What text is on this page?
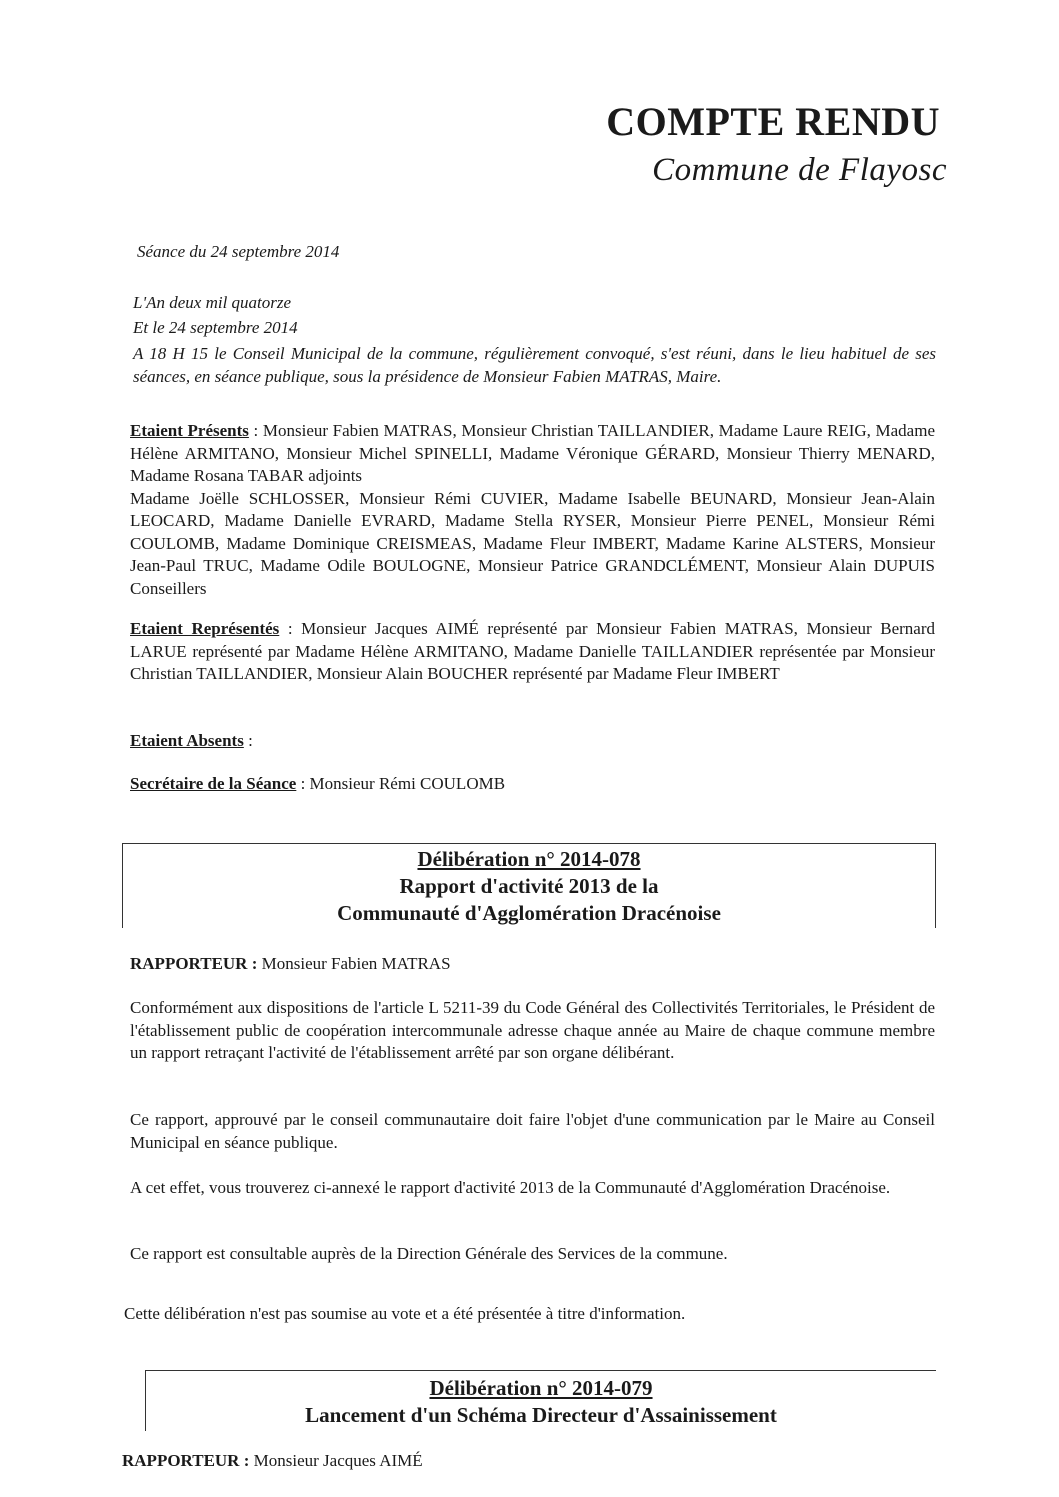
COMPTE RENDU
Commune de Flayosc
Séance du 24 septembre 2014
L'An deux mil quatorze
Et le 24 septembre 2014
A 18 H 15 le Conseil Municipal de la commune, régulièrement convoqué, s'est réuni, dans le lieu habituel de ses séances, en séance publique, sous la présidence de Monsieur Fabien MATRAS, Maire.
Etaient Présents : Monsieur Fabien MATRAS, Monsieur Christian TAILLANDIER, Madame Laure REIG, Madame Hélène ARMITANO, Monsieur Michel SPINELLI, Madame Véronique GÉRARD, Monsieur Thierry MENARD, Madame Rosana TABAR adjoints
Madame Joëlle SCHLOSSER, Monsieur Rémi CUVIER, Madame Isabelle BEUNARD, Monsieur Jean-Alain LEOCARD, Madame Danielle EVRARD, Madame Stella RYSER, Monsieur Pierre PENEL, Monsieur Rémi COULOMB, Madame Dominique CREISMEAS, Madame Fleur IMBERT, Madame Karine ALSTERS, Monsieur Jean-Paul TRUC, Madame Odile BOULOGNE, Monsieur Patrice GRANDCLÉMENT, Monsieur Alain DUPUIS Conseillers
Etaient Représentés : Monsieur Jacques AIMÉ représenté par Monsieur Fabien MATRAS, Monsieur Bernard LARUE représenté par Madame Hélène ARMITANO, Madame Danielle TAILLANDIER représentée par Monsieur Christian TAILLANDIER, Monsieur Alain BOUCHER représenté par Madame Fleur IMBERT
Etaient Absents :
Secrétaire de la Séance : Monsieur Rémi COULOMB
Délibération n° 2014-078
Rapport d'activité 2013 de la
Communauté d'Agglomération Dracénoise
RAPPORTEUR : Monsieur Fabien MATRAS
Conformément aux dispositions de l'article L 5211-39 du Code Général des Collectivités Territoriales, le Président de l'établissement public de coopération intercommunale adresse chaque année au Maire de chaque commune membre un rapport retraçant l'activité de l'établissement arrêté par son organe délibérant.
Ce rapport, approuvé par le conseil communautaire doit faire l'objet d'une communication par le Maire au Conseil Municipal en séance publique.
A cet effet, vous trouverez ci-annexé le rapport d'activité 2013 de la Communauté d'Agglomération Dracénoise.
Ce rapport est consultable auprès de la Direction Générale des Services de la commune.
Cette délibération n'est pas soumise au vote et a été présentée à titre d'information.
Délibération n° 2014-079
Lancement d'un Schéma Directeur d'Assainissement
RAPPORTEUR : Monsieur Jacques AIMÉ
